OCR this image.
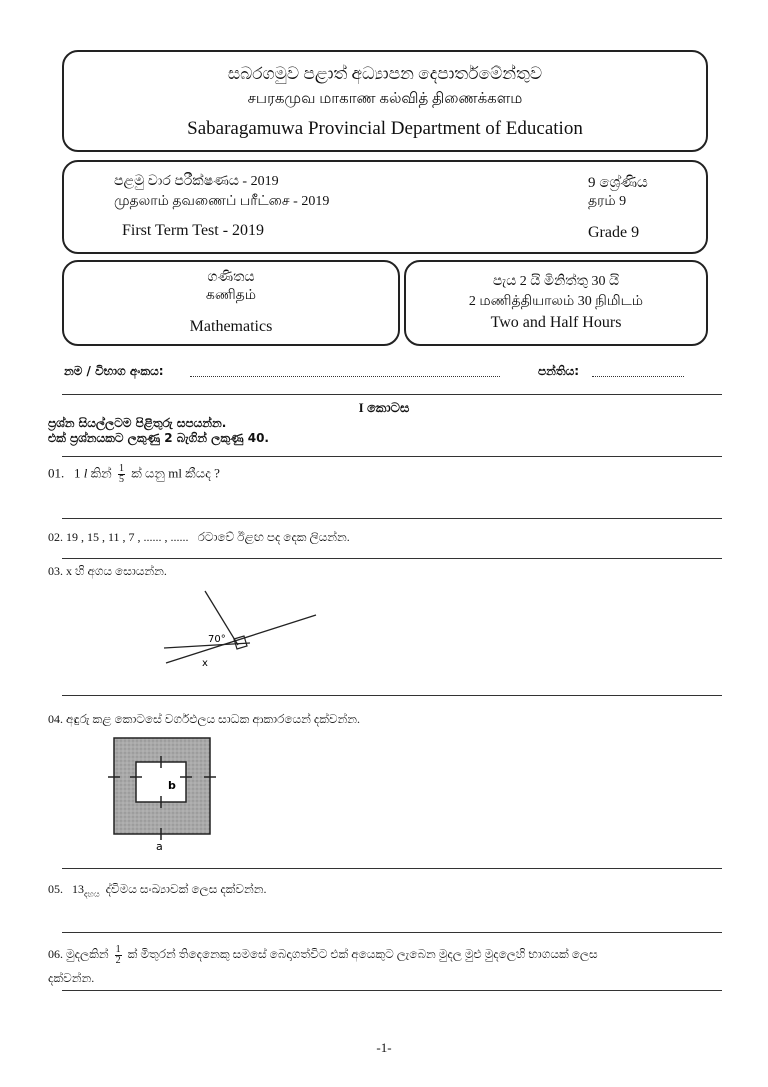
සබරගමුව පළාත් අධ්‍යාපන දෙපාර්තමේන්තුව
சபரகமுவ மாகாண கல்வித் திணைக்களம
Sabaragamuwa Provincial Department of Education
පළමු වාර පරීක්ෂණය - 2019
முதலாம் தவணைப் பரீட்சை - 2019
First Term Test - 2019
9 ශ්‍රේණිය
தரம் 9
Grade 9
ගණිතය
கணிதம்
Mathematics
පැය 2 යි මිනිත්තු 30 යි
2 மணித்தியாலம் 30 நிமிடம்
Two and Half Hours
නම / විභාග අංකය:	පන්තිය:
I කොටස
ප්‍රශ්න සියල්ලටම පිළිතුරු සපයන්න.
එක් ප්‍රශ්නයකට ලකුණු 2 බැගින් ලකුණු 40.
01. 1 l කින් $\frac{1}{5}$ ක් යනු ml කීයද ?
02. 19 , 15 , 11 , 7 , ...... , ...... රටාවේ ඊළඟ පද දෙක ලියන්න.
03. x හි අගය සොයන්න.
70°
x
04. අඳුරු කළ කොටසේ වර්ගඵලය සාධක ආකාරයෙන් දක්වන්න.
b
a
05. $13_{දහය}$ ද්විමය සංඛ්‍යාවක් ලෙස දක්වන්න.
06. මුදලකින් $\frac{1}{2}$ ක් මිතුරන් තිදෙනෙකු සමසේ බෙදාගත්විට එක් අයෙකුට ලැබෙන මුදල මුළු මුදලෙහි භාගයක් ලෙස
දක්වන්න.
-1-
